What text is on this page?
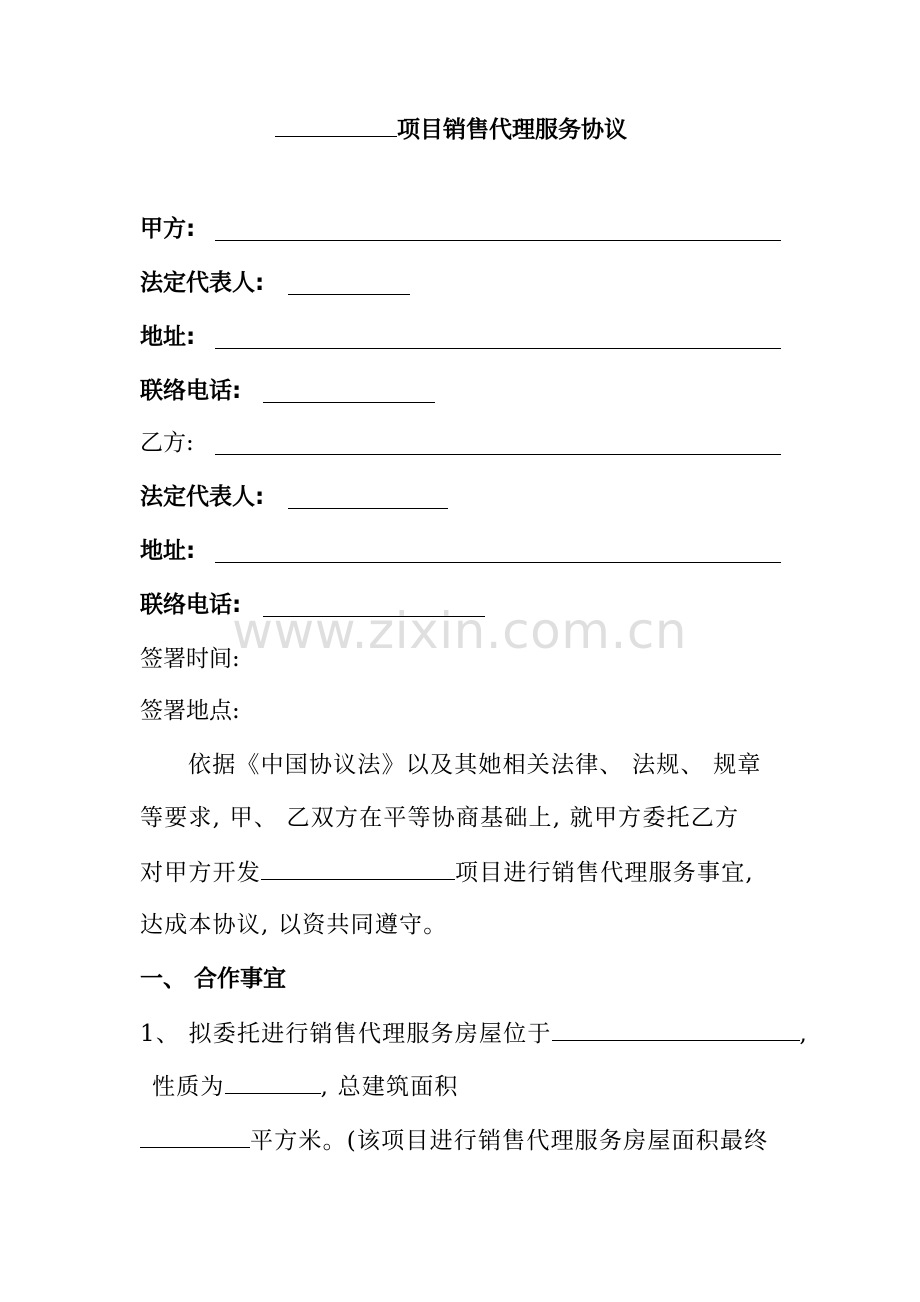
项目销售代理服务协议
甲方:
法定代表人:
地址:
联络电话:
乙方:
法定代表人:
地址:
联络电话:
www.zixin.com.cn
签署时间:
签署地点:
依据《中国协议法》以及其她相关法律、 法规、 规章
等要求, 甲、 乙双方在平等协商基础上, 就甲方委托乙方
对甲方开发	项目进行销售代理服务事宜,
达成本协议, 以资共同遵守。
一、 合作事宜
1、 拟委托进行销售代理服务房屋位于	,
性质为	, 总建筑面积
平方米。(该项目进行销售代理服务房屋面积最终
